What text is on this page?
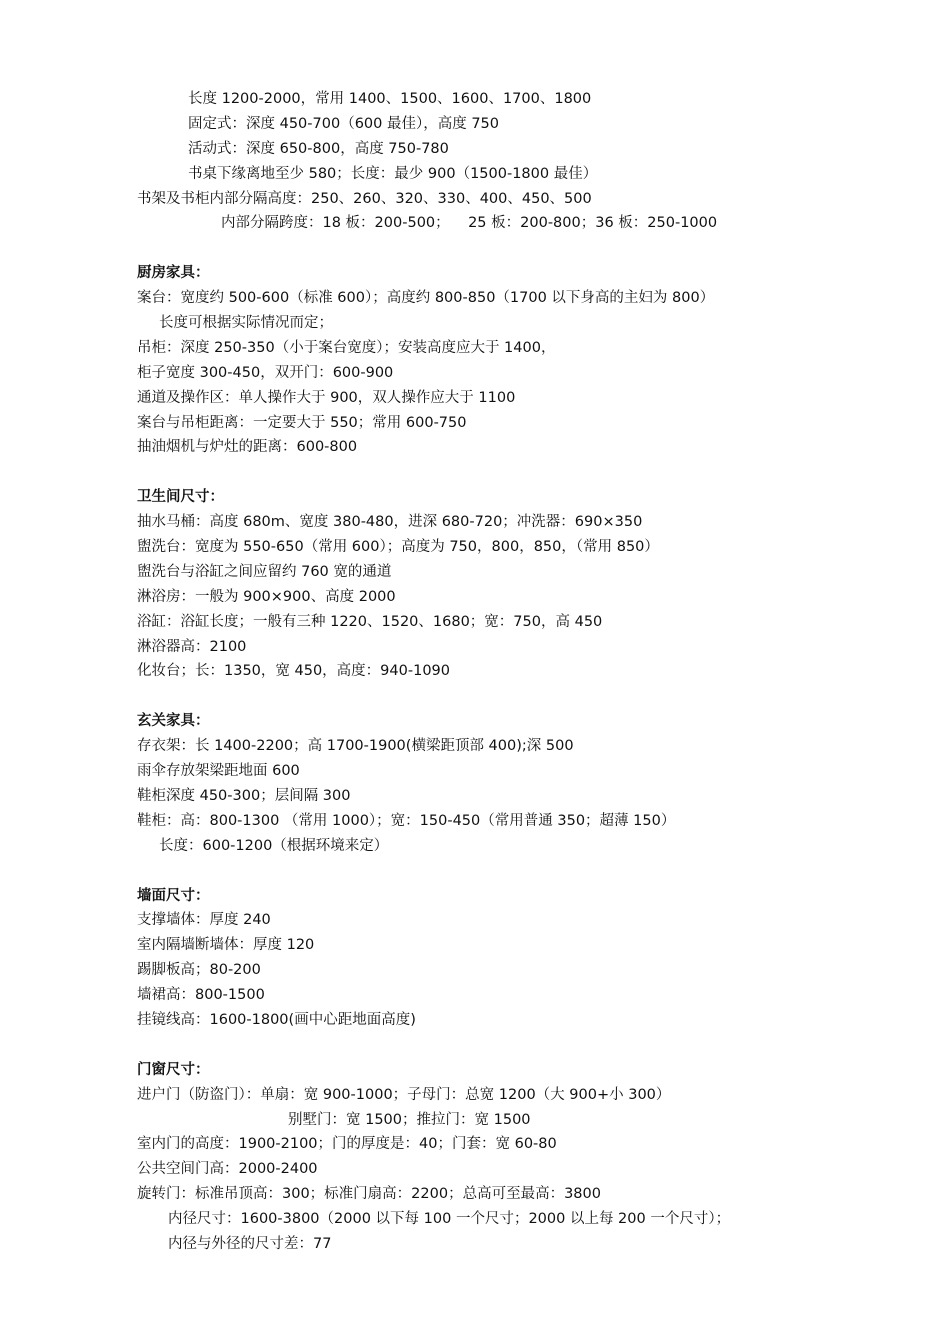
长度 1200-2000，常用 1400、1500、1600、1700、1800
固定式：深度 450-700（600 最佳），高度 750
活动式：深度 650-800，高度 750-780
书桌下缘离地至少 580；长度：最少 900（1500-1800 最佳）
书架及书柜内部分隔高度：250、260、320、330、400、450、500
内部分隔跨度：18 板：200-500；    25 板：200-800；36 板：250-1000
厨房家具：
案台：宽度约 500-600（标准 600）；高度约 800-850（1700 以下身高的主妇为 800）
长度可根据实际情况而定；
吊柜：深度 250-350（小于案台宽度）；安装高度应大于 1400，
柜子宽度 300-450，双开门：600-900
通道及操作区：单人操作大于 900，双人操作应大于 1100
案台与吊柜距离：一定要大于 550；常用 600-750
抽油烟机与炉灶的距离：600-800
卫生间尺寸：
抽水马桶：高度 680m、宽度 380-480，进深 680-720；冲洗器：690×350
盥洗台：宽度为 550-650（常用 600）；高度为 750，800，850，（常用 850）
盥洗台与浴缸之间应留约 760 宽的通道
淋浴房：一般为 900×900、高度 2000
浴缸：浴缸长度；一般有三种 1220、1520、1680；宽：750，高 450
淋浴器高：2100
化妆台；长：1350，宽 450，高度：940-1090
玄关家具：
存衣架：长 1400-2200；高 1700-1900(横梁距顶部 400);深 500
雨伞存放架梁距地面 600
鞋柜深度 450-300；层间隔 300
鞋柜：高：800-1300 （常用 1000）；宽：150-450（常用普通 350；超薄 150）
长度：600-1200（根据环境来定）
墙面尺寸：
支撑墙体：厚度 240
室内隔墙断墙体：厚度 120
踢脚板高；80-200
墙裙高：800-1500
挂镜线高：1600-1800(画中心距地面高度)
门窗尺寸：
进户门（防盗门）：单扇：宽 900-1000；子母门：总宽 1200（大 900+小 300）
别墅门：宽 1500；推拉门：宽 1500
室内门的高度：1900-2100；门的厚度是：40；门套：宽 60-80
公共空间门高：2000-2400
旋转门：标准吊顶高：300；标准门扇高：2200；总高可至最高：3800
内径尺寸：1600-3800（2000 以下每 100 一个尺寸；2000 以上每 200 一个尺寸）；
内径与外径的尺寸差：77
